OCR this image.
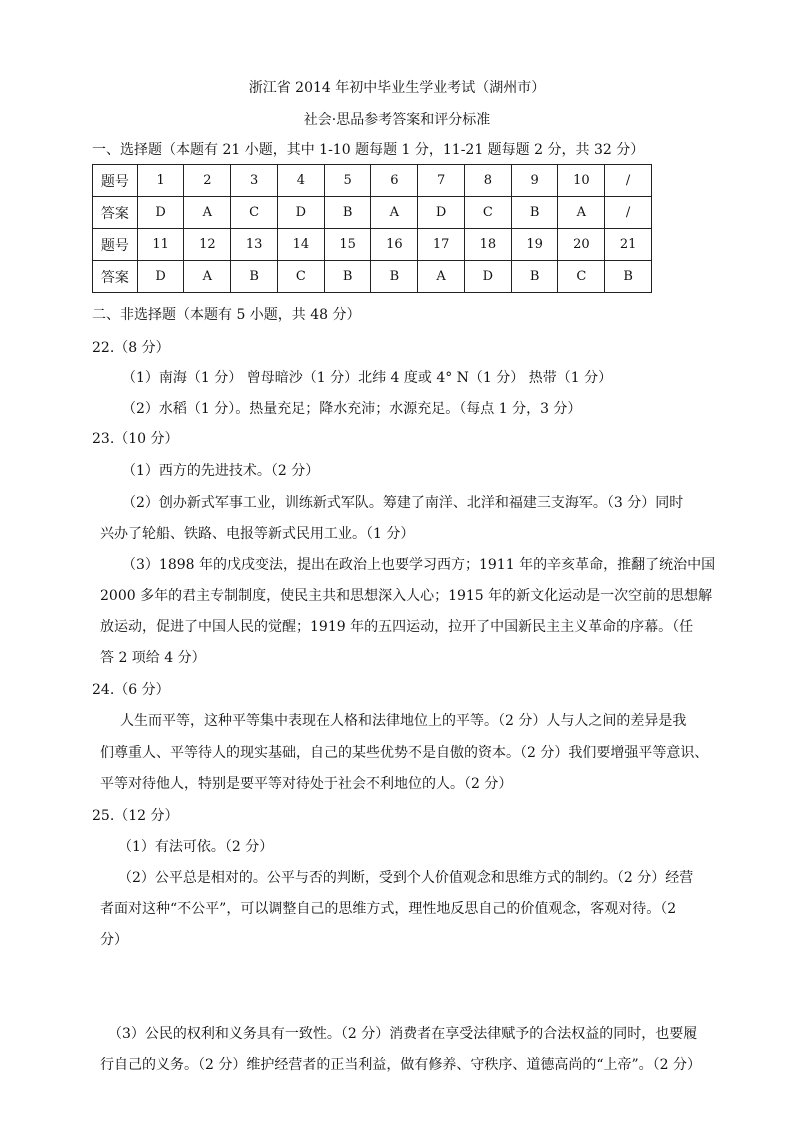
浙江省 2014 年初中毕业生学业考试（湖州市）
社会·思品参考答案和评分标准
一、选择题（本题有 21 小题，其中 1-10 题每题 1 分，11-21 题每题 2 分，共 32 分）
题号	1	2	3	4	5	6	7	8	9	10	/
答案	D	A	C	D	B	A	D	C	B	A	/
题号	11	12	13	14	15	16	17	18	19	20	21
答案	D	A	B	C	B	B	A	D	B	C	B
二、非选择题（本题有 5 小题，共 48 分）
22.（8 分）
（1）南海（1 分） 曾母暗沙（1 分）北纬 4 度或 4° N（1 分） 热带（1 分）
（2）水稻（1 分）。热量充足；降水充沛；水源充足。（每点 1 分，3 分）
23.（10 分）
（1）西方的先进技术。（2 分）
（2）创办新式军事工业，训练新式军队。筹建了南洋、北洋和福建三支海军。（3 分）同时
兴办了轮船、铁路、电报等新式民用工业。（1 分）
（3）1898 年的戊戌变法，提出在政治上也要学习西方；1911 年的辛亥革命，推翻了统治中国
2000 多年的君主专制制度，使民主共和思想深入人心；1915 年的新文化运动是一次空前的思想解
放运动，促进了中国人民的觉醒；1919 年的五四运动，拉开了中国新民主主义革命的序幕。（任
答 2 项给 4 分）
24.（6 分）
人生而平等，这种平等集中表现在人格和法律地位上的平等。（2 分）人与人之间的差异是我
们尊重人、平等待人的现实基础，自己的某些优势不是自傲的资本。（2 分）我们要增强平等意识、
平等对待他人，特别是要平等对待处于社会不利地位的人。（2 分）
25.（12 分）
（1）有法可依。（2 分）
（2）公平总是相对的。公平与否的判断，受到个人价值观念和思维方式的制约。（2 分）经营
者面对这种“不公平”，可以调整自己的思维方式，理性地反思自己的价值观念，客观对待。（2
分）
（3）公民的权利和义务具有一致性。（2 分）消费者在享受法律赋予的合法权益的同时，也要履
行自己的义务。（2 分）维护经营者的正当利益，做有修养、守秩序、道德高尚的“上帝”。（2 分）
